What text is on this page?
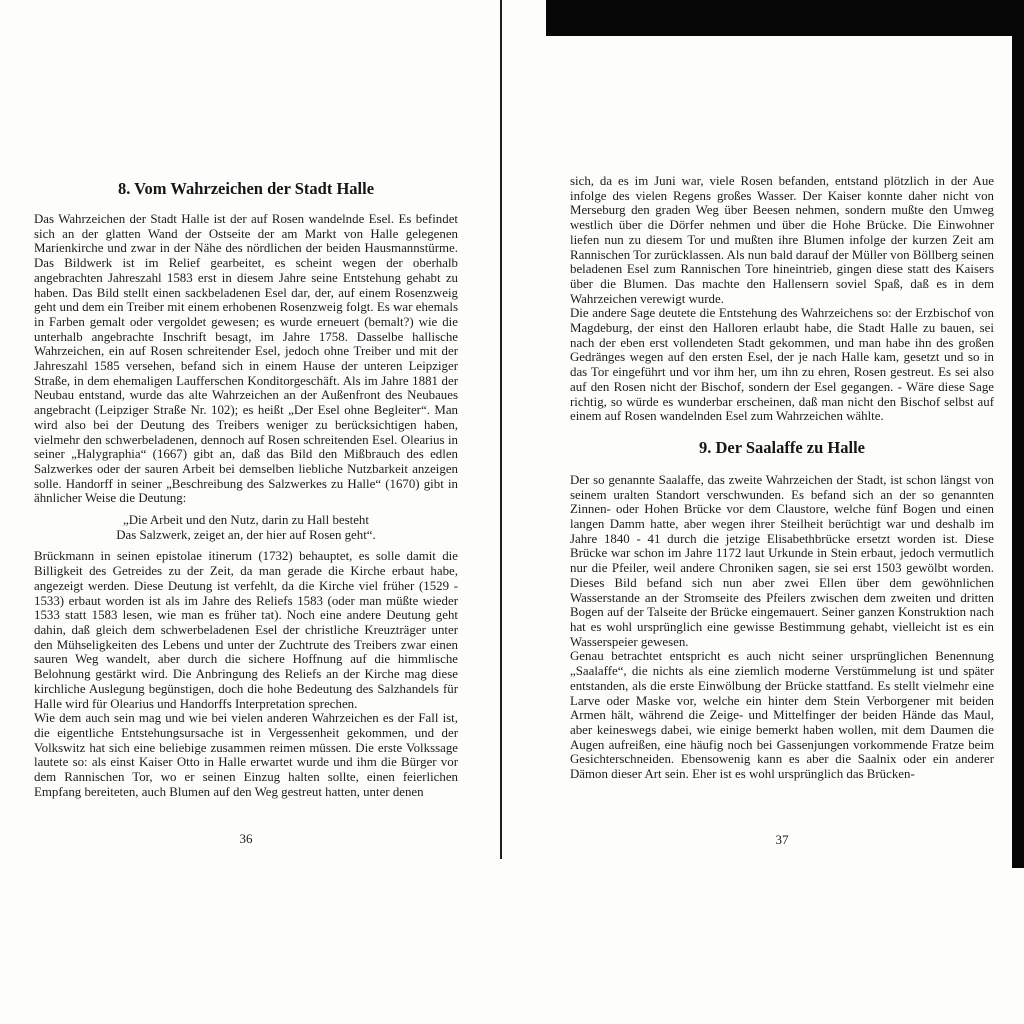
8. Vom Wahrzeichen der Stadt Halle

Das Wahrzeichen der Stadt Halle ist der auf Rosen wandelnde Esel. Es befindet sich an der glatten Wand der Ostseite der am Markt von Halle gelegenen Marienkirche und zwar in der Nähe des nördlichen der beiden Hausmannstürme. Das Bildwerk ist im Relief gearbeitet, es scheint wegen der oberhalb angebrachten Jahreszahl 1583 erst in diesem Jahre seine Entstehung gehabt zu haben. Das Bild stellt einen sackbeladenen Esel dar, der, auf einem Rosenzweig geht und dem ein Treiber mit einem erhobenen Rosenzweig folgt. Es war ehemals in Farben gemalt oder vergoldet gewesen; es wurde erneuert (bemalt?) wie die unterhalb angebrachte Inschrift besagt, im Jahre 1758. Dasselbe hallische Wahrzeichen, ein auf Rosen schreitender Esel, jedoch ohne Treiber und mit der Jahreszahl 1585 versehen, befand sich in einem Hause der unteren Leipziger Straße, in dem ehemaligen Laufferschen Konditorgeschäft. Als im Jahre 1881 der Neubau entstand, wurde das alte Wahrzeichen an der Außenfront des Neubaues angebracht (Leipziger Straße Nr. 102); es heißt „Der Esel ohne Begleiter“. Man wird also bei der Deutung des Treibers weniger zu berücksichtigen haben, vielmehr den schwerbeladenen, dennoch auf Rosen schreitenden Esel. Olearius in seiner „Halygraphia“ (1667) gibt an, daß das Bild den Mißbrauch des edlen Salzwerkes oder der sauren Arbeit bei demselben liebliche Nutzbarkeit anzeigen solle. Handorff in seiner „Beschreibung des Salzwerkes zu Halle“ (1670) gibt in ähnlicher Weise die Deutung:

„Die Arbeit und den Nutz, darin zu Hall besteht
Das Salzwerk, zeiget an, der hier auf Rosen geht“.

Brückmann in seinen epistolae itinerum (1732) behauptet, es solle damit die Billigkeit des Getreides zu der Zeit, da man gerade die Kirche erbaut habe, angezeigt werden. Diese Deutung ist verfehlt, da die Kirche viel früher (1529 - 1533) erbaut worden ist als im Jahre des Reliefs 1583 (oder man müßte wieder 1533 statt 1583 lesen, wie man es früher tat). Noch eine andere Deutung geht dahin, daß gleich dem schwerbeladenen Esel der christliche Kreuzträger unter den Mühseligkeiten des Lebens und unter der Zuchtrute des Treibers zwar einen sauren Weg wandelt, aber durch die sichere Hoffnung auf die himmlische Belohnung gestärkt wird. Die Anbringung des Reliefs an der Kirche mag diese kirchliche Auslegung begünstigen, doch die hohe Bedeutung des Salzhandels für Halle wird für Olearius und Handorffs Interpretation sprechen.

Wie dem auch sein mag und wie bei vielen anderen Wahrzeichen es der Fall ist, die eigentliche Entstehungsursache ist in Vergessenheit gekommen, und der Volkswitz hat sich eine beliebige zusammen reimen müssen. Die erste Volkssage lautete so: als einst Kaiser Otto in Halle erwartet wurde und ihm die Bürger vor dem Rannischen Tor, wo er seinen Einzug halten sollte, einen feierlichen Empfang bereiteten, auch Blumen auf den Weg gestreut hatten, unter denen

36

sich, da es im Juni war, viele Rosen befanden, entstand plötzlich in der Aue infolge des vielen Regens großes Wasser. Der Kaiser konnte daher nicht von Merseburg den graden Weg über Beesen nehmen, sondern mußte den Umweg westlich über die Dörfer nehmen und über die Hohe Brücke. Die Einwohner liefen nun zu diesem Tor und mußten ihre Blumen infolge der kurzen Zeit am Rannischen Tor zurücklassen. Als nun bald darauf der Müller von Böllberg seinen beladenen Esel zum Rannischen Tore hineintrieb, gingen diese statt des Kaisers über die Blumen. Das machte den Hallensern soviel Spaß, daß es in dem Wahrzeichen verewigt wurde.

Die andere Sage deutete die Entstehung des Wahrzeichens so: der Erzbischof von Magdeburg, der einst den Halloren erlaubt habe, die Stadt Halle zu bauen, sei nach der eben erst vollendeten Stadt gekommen, und man habe ihn des großen Gedränges wegen auf den ersten Esel, der je nach Halle kam, gesetzt und so in das Tor eingeführt und vor ihm her, um ihn zu ehren, Rosen gestreut. Es sei also auf den Rosen nicht der Bischof, sondern der Esel gegangen. - Wäre diese Sage richtig, so würde es wunderbar erscheinen, daß man nicht den Bischof selbst auf einem auf Rosen wandelnden Esel zum Wahrzeichen wählte.

9. Der Saalaffe zu Halle

Der so genannte Saalaffe, das zweite Wahrzeichen der Stadt, ist schon längst von seinem uralten Standort verschwunden. Es befand sich an der so genannten Zinnen- oder Hohen Brücke vor dem Claustore, welche fünf Bogen und einen langen Damm hatte, aber wegen ihrer Steilheit berüchtigt war und deshalb im Jahre 1840 - 41 durch die jetzige Elisabethbrücke ersetzt worden ist. Diese Brücke war schon im Jahre 1172 laut Urkunde in Stein erbaut, jedoch vermutlich nur die Pfeiler, weil andere Chroniken sagen, sie sei erst 1503 gewölbt worden. Dieses Bild befand sich nun aber zwei Ellen über dem gewöhnlichen Wasserstande an der Stromseite des Pfeilers zwischen dem zweiten und dritten Bogen auf der Talseite der Brücke eingemauert. Seiner ganzen Konstruktion nach hat es wohl ursprünglich eine gewisse Bestimmung gehabt, vielleicht ist es ein Wasserspeier gewesen.

Genau betrachtet entspricht es auch nicht seiner ursprünglichen Benennung „Saalaffe“, die nichts als eine ziemlich moderne Verstümmelung ist und später entstanden, als die erste Einwölbung der Brücke stattfand. Es stellt vielmehr eine Larve oder Maske vor, welche ein hinter dem Stein Verborgener mit beiden Armen hält, während die Zeige- und Mittelfinger der beiden Hände das Maul, aber keineswegs dabei, wie einige bemerkt haben wollen, mit dem Daumen die Augen aufreißen, eine häufig noch bei Gassenjungen vorkommende Fratze beim Gesichterschneiden. Ebensowenig kann es aber die Saalnix oder ein anderer Dämon dieser Art sein. Eher ist es wohl ursprünglich das Brücken-

37
